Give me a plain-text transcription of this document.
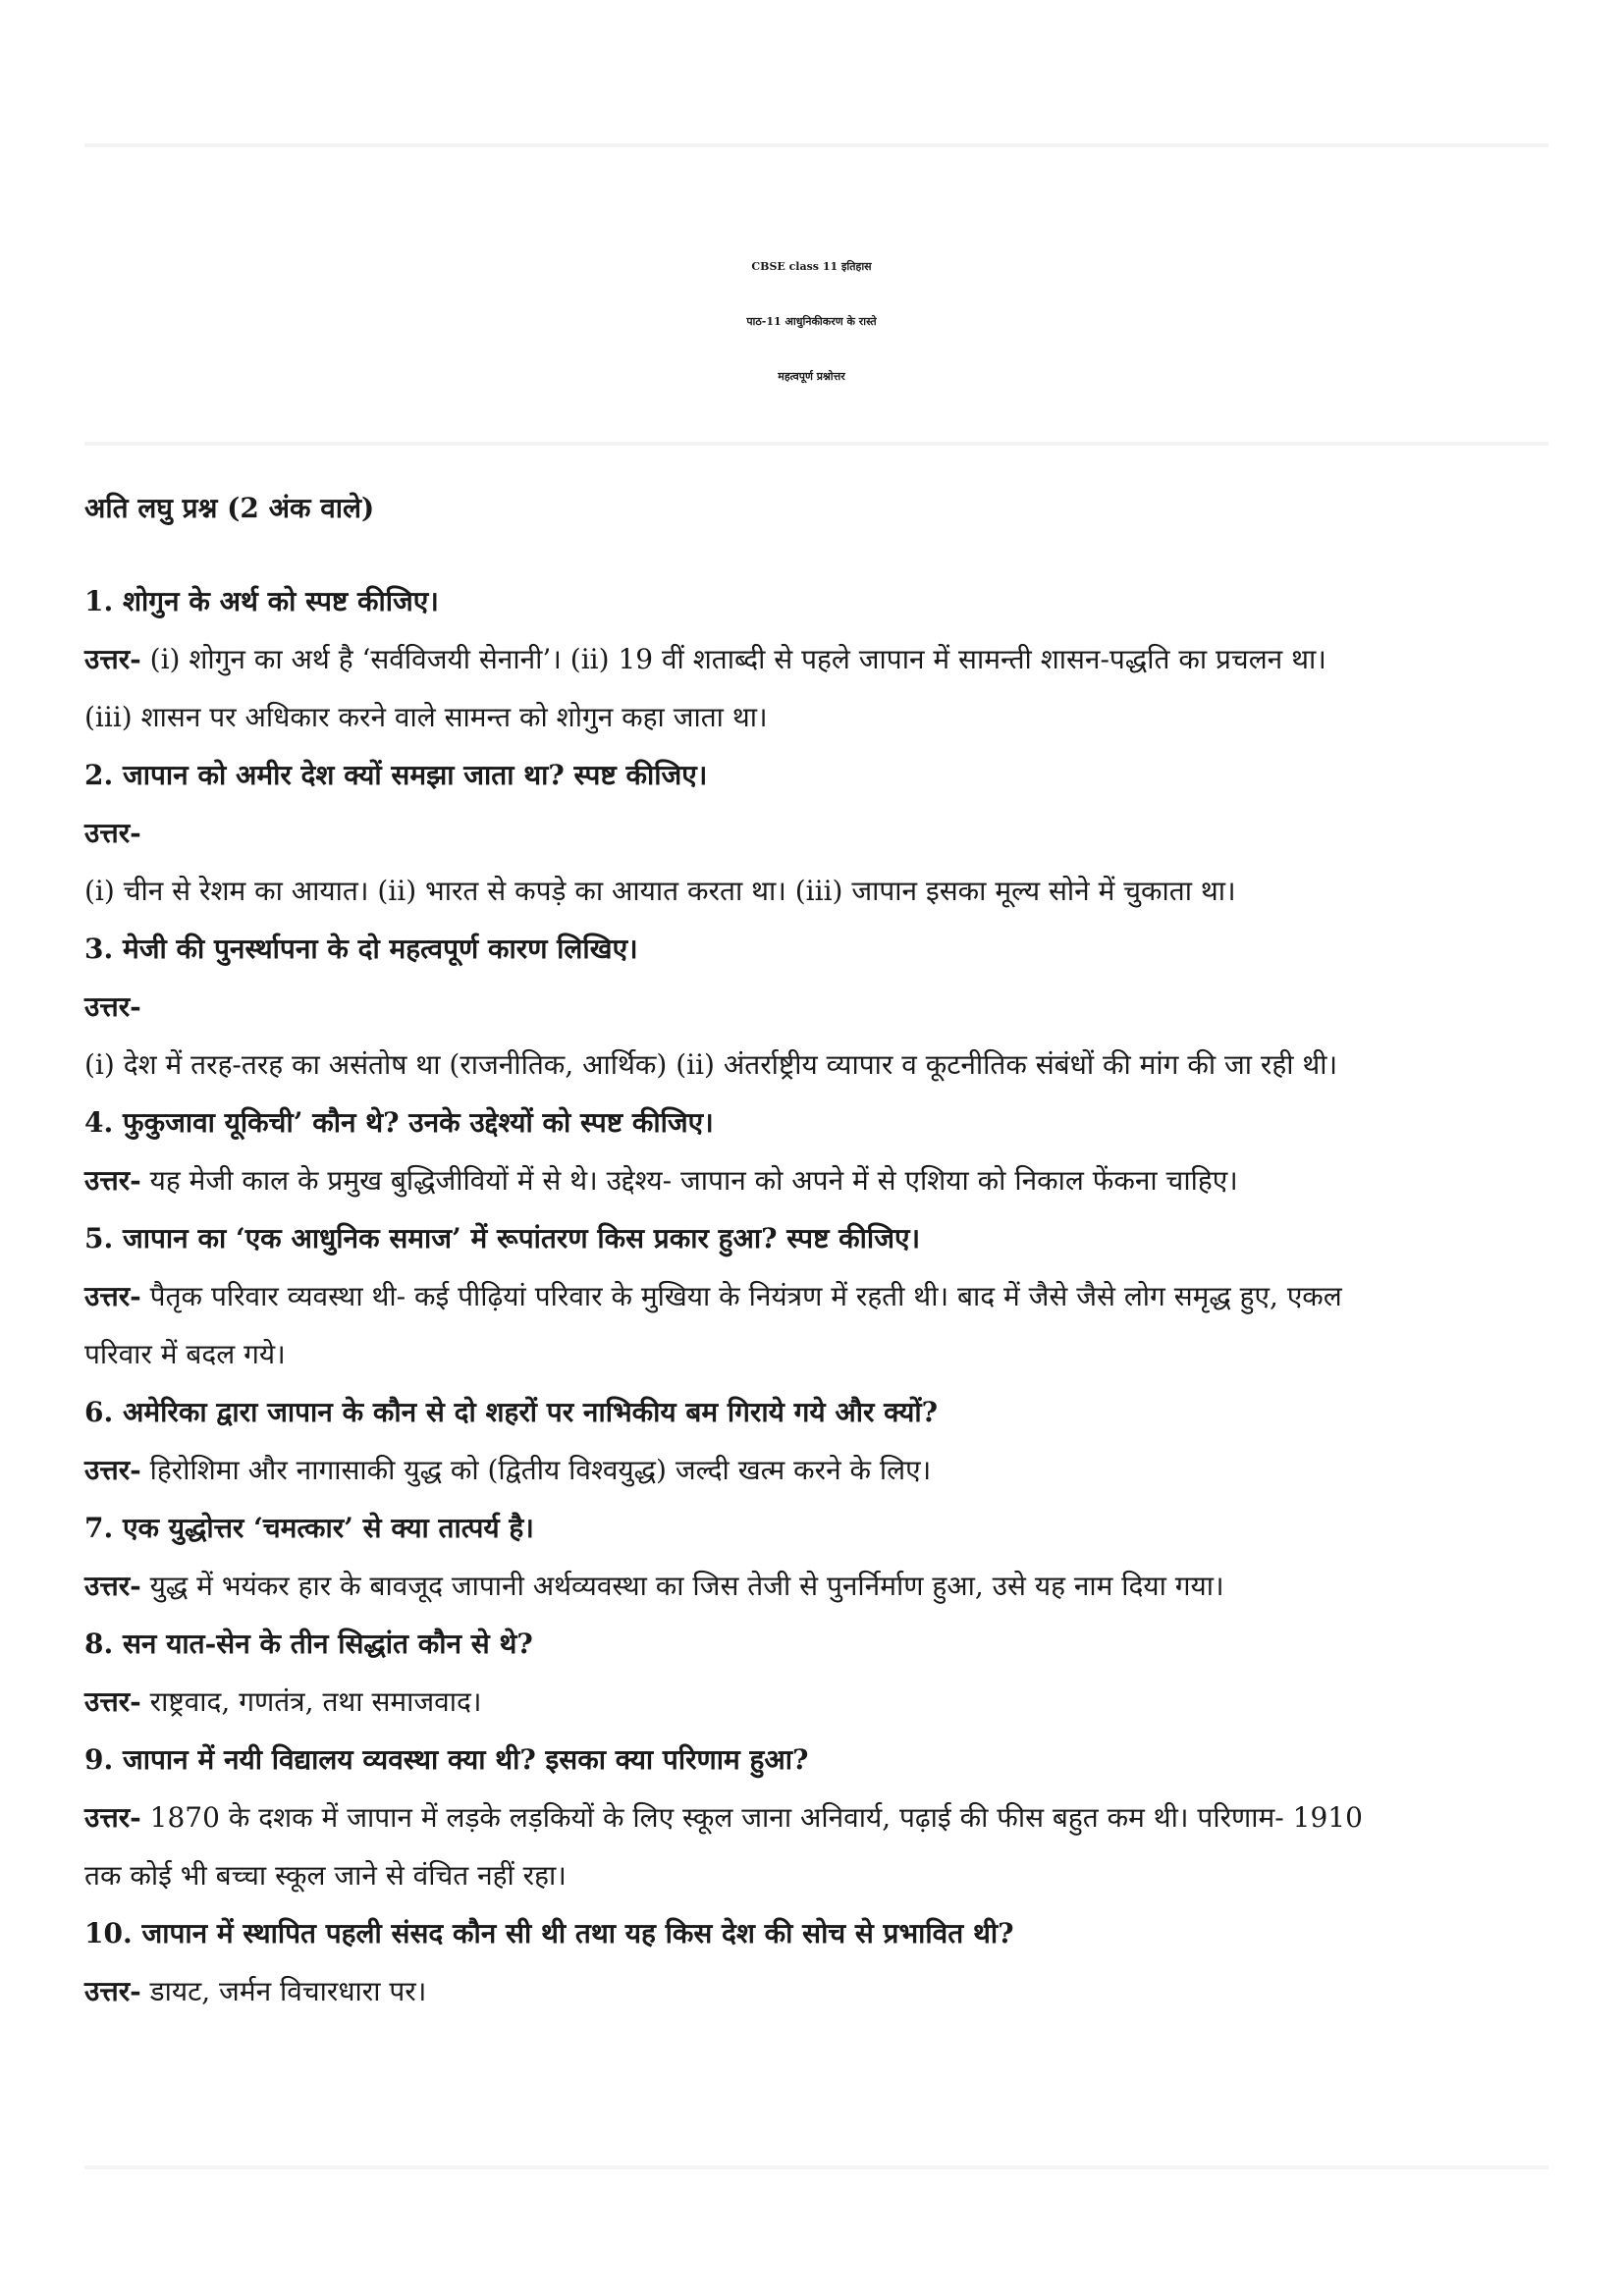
CBSE class 11 इतिहास
पाठ-11 आधुनिकीकरण के रास्ते
महत्वपूर्ण प्रश्नोत्तर
अति लघु प्रश्न (2 अंक वाले)
1. शोगुन के अर्थ को स्पष्ट कीजिए।
उत्तर- (i) शोगुन का अर्थ है ‘सर्वविजयी सेनानी’। (ii) 19 वीं शताब्दी से पहले जापान में सामन्ती शासन-पद्धति का प्रचलन था।
(iii) शासन पर अधिकार करने वाले सामन्त को शोगुन कहा जाता था।
2. जापान को अमीर देश क्यों समझा जाता था? स्पष्ट कीजिए।
उत्तर-
(i) चीन से रेशम का आयात। (ii) भारत से कपड़े का आयात करता था। (iii) जापान इसका मूल्य सोने में चुकाता था।
3. मेजी की पुनर्स्थापना के दो महत्वपूर्ण कारण लिखिए।
उत्तर-
(i) देश में तरह-तरह का असंतोष था (राजनीतिक, आर्थिक) (ii) अंतर्राष्ट्रीय व्यापार व कूटनीतिक संबंधों की मांग की जा रही थी।
4. फुकुजावा यूकिची’ कौन थे? उनके उद्देश्यों को स्पष्ट कीजिए।
उत्तर- यह मेजी काल के प्रमुख बुद्धिजीवियों में से थे। उद्देश्य- जापान को अपने में से एशिया को निकाल फेंकना चाहिए।
5. जापान का ‘एक आधुनिक समाज’ में रूपांतरण किस प्रकार हुआ? स्पष्ट कीजिए।
उत्तर- पैतृक परिवार व्यवस्था थी- कई पीढ़ियां परिवार के मुखिया के नियंत्रण में रहती थी। बाद में जैसे जैसे लोग समृद्ध हुए, एकल
परिवार में बदल गये।
6. अमेरिका द्वारा जापान के कौन से दो शहरों पर नाभिकीय बम गिराये गये और क्यों?
उत्तर- हिरोशिमा और नागासाकी युद्ध को (द्वितीय विश्वयुद्ध) जल्दी खत्म करने के लिए।
7. एक युद्धोत्तर ‘चमत्कार’ से क्या तात्पर्य है।
उत्तर- युद्ध में भयंकर हार के बावजूद जापानी अर्थव्यवस्था का जिस तेजी से पुनर्निर्माण हुआ, उसे यह नाम दिया गया।
8. सन यात-सेन के तीन सिद्धांत कौन से थे?
उत्तर- राष्ट्रवाद, गणतंत्र, तथा समाजवाद।
9. जापान में नयी विद्यालय व्यवस्था क्या थी? इसका क्या परिणाम हुआ?
उत्तर- 1870 के दशक में जापान में लड़के लड़कियों के लिए स्कूल जाना अनिवार्य, पढ़ाई की फीस बहुत कम थी। परिणाम- 1910
तक कोई भी बच्चा स्कूल जाने से वंचित नहीं रहा।
10. जापान में स्थापित पहली संसद कौन सी थी तथा यह किस देश की सोच से प्रभावित थी?
उत्तर- डायट, जर्मन विचारधारा पर।
